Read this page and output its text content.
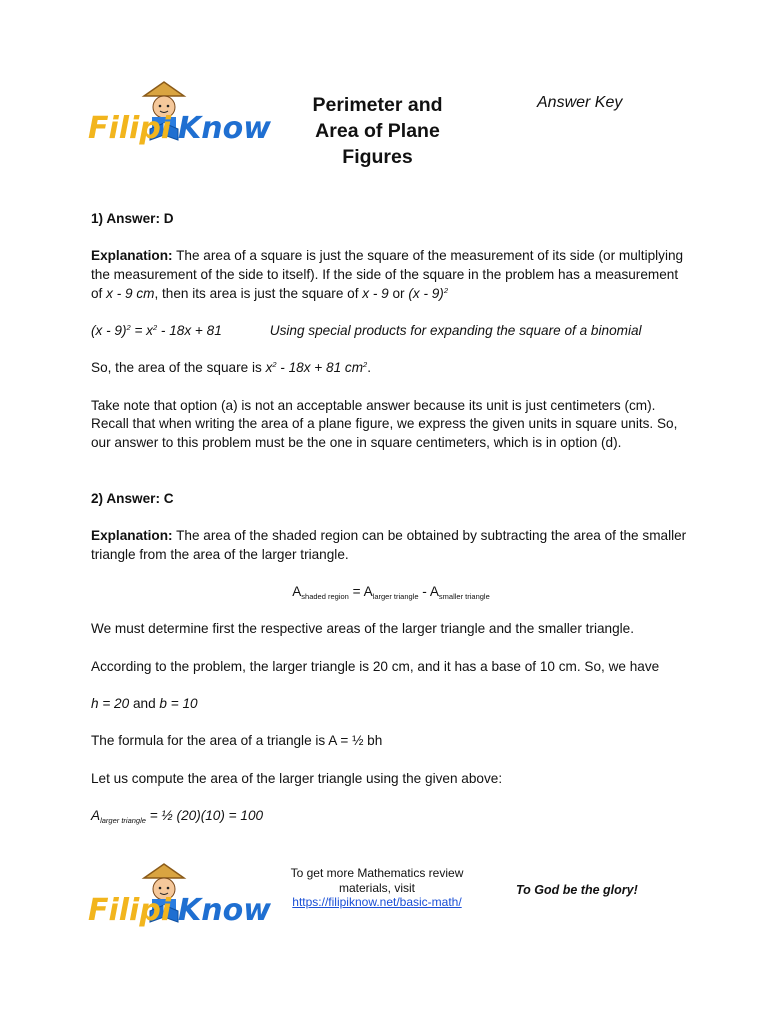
Filipi Know
Perimeter and
Area of Plane
Figures
Answer Key

1) Answer: D

Explanation: The area of a square is just the square of the measurement of its side (or multiplying the measurement of the side to itself). If the side of the square in the problem has a measurement of x - 9 cm, then its area is just the square of x - 9 or (x - 9)$^2$

$(x - 9)^2 = x^2 - 18x + 81$	Using special products for expanding the square of a binomial

So, the area of the square is $x^2 - 18x + 81$ $cm^2$.

Take note that option (a) is not an acceptable answer because its unit is just centimeters (cm). Recall that when writing the area of a plane figure, we express the given units in square units. So, our answer to this problem must be the one in square centimeters, which is in option (d).

2) Answer: C

Explanation: The area of the shaded region can be obtained by subtracting the area of the smaller triangle from the area of the larger triangle.

$A_{shaded region} = A_{larger triangle} - A_{smaller triangle}$

We must determine first the respective areas of the larger triangle and the smaller triangle.

According to the problem, the larger triangle is 20 cm, and it has a base of 10 cm. So, we have

h = 20 and b = 10

The formula for the area of a triangle is A = ½ bh

Let us compute the area of the larger triangle using the given above:

$A_{larger triangle}$ = ½ (20)(10) = 100

Filipi Know
To get more Mathematics review materials, visit
https://filipiknow.net/basic-math/
To God be the glory!
